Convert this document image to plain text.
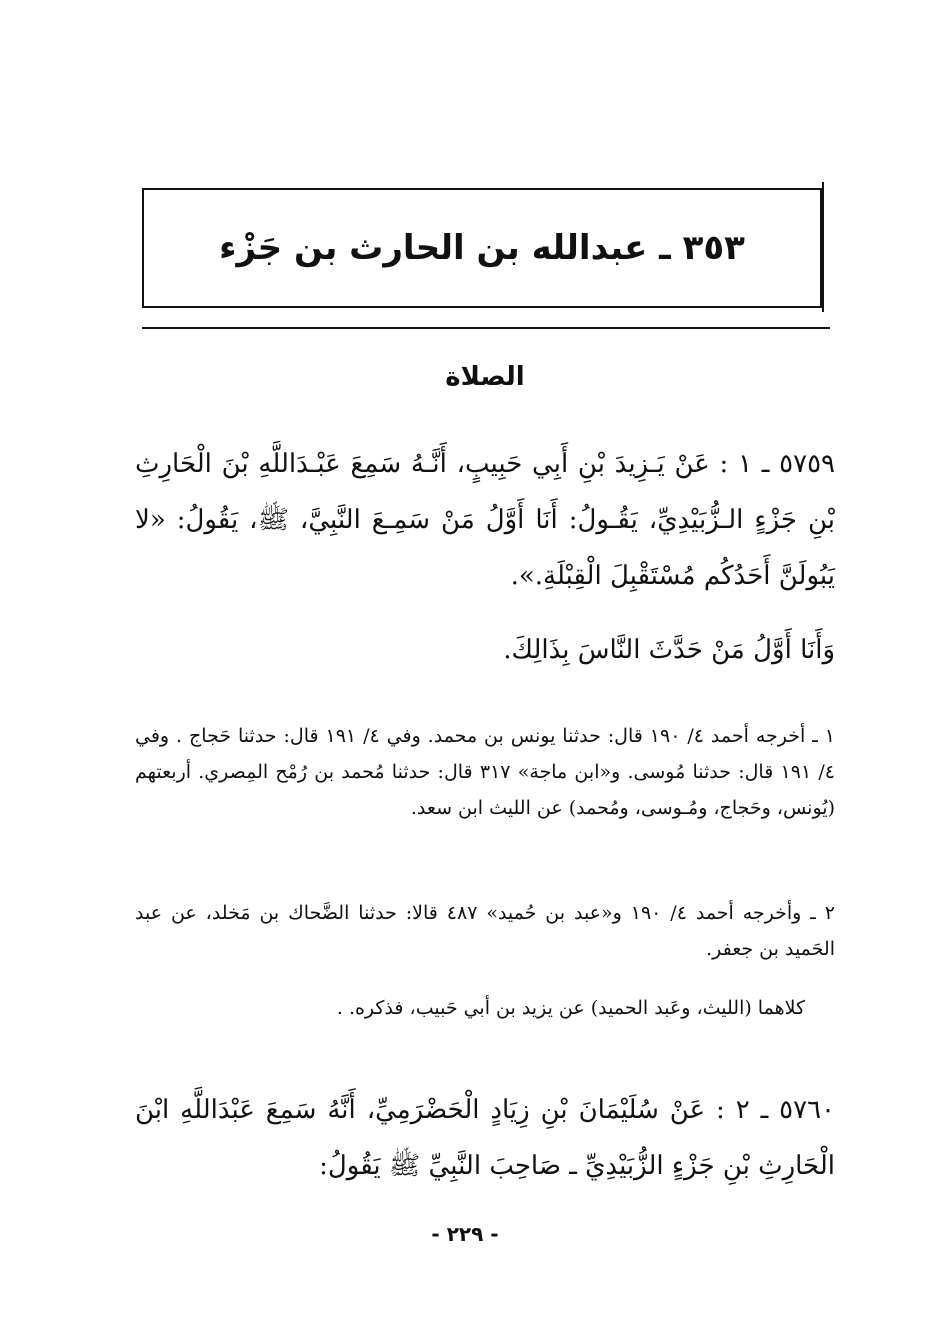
٣٥٣ ـ عبدالله بن الحارث بن جَزْء
الصلاة
٥٧٥٩ ـ ١ : عَنْ يَـزِيدَ بْنِ أَبِي حَبِيبٍ، أَنَّـهُ سَمِعَ عَبْـدَاللَّهِ بْنَ الْحَارِثِ بْنِ جَزْءٍ الـزُّبَيْدِيِّ، يَقُـولُ: أَنَا أَوَّلُ مَنْ سَمِـعَ النَّبِيَّ، ﷺ، يَقُولُ: «لا يَبُولَنَّ أَحَدُكُم مُسْتَقْبِلَ الْقِبْلَةِ.».
وَأَنَا أَوَّلُ مَنْ حَدَّثَ النَّاسَ بِذَالِكَ.
١ ـ أخرجه أحمد ٤/ ١٩٠ قال: حدثنا يونس بن محمد. وفي ٤/ ١٩١ قال: حدثنا حَجاج . وفي ٤/ ١٩١ قال: حدثنا مُوسى. و«ابن ماجة» ٣١٧ قال: حدثنا مُحمد بن رُمْح المِصري. أربعتهم (يُونس، وحَجاج، ومُـوسى، ومُحمد) عن الليث ابن سعد.
٢ ـ وأخرجه أحمد ٤/ ١٩٠ و«عبد بن حُميد» ٤٨٧ قالا: حدثنا الضَّحاك بن مَخلد، عن عبد الحَميد بن جعفر.
كلاهما (الليث، وعَبد الحميد) عن يزيد بن أبي حَبيب، فذكره. .
٥٧٦٠ ـ ٢ : عَنْ سُلَيْمَانَ بْنِ زِيَادٍ الْحَضْرَمِيِّ، أَنَّهُ سَمِعَ عَبْدَاللَّهِ ابْنَ الْحَارِثِ بْنِ جَزْءٍ الزُّبَيْدِيِّ ـ صَاحِبَ النَّبِيِّ ﷺ يَقُولُ:
- ٢٢٩ -
